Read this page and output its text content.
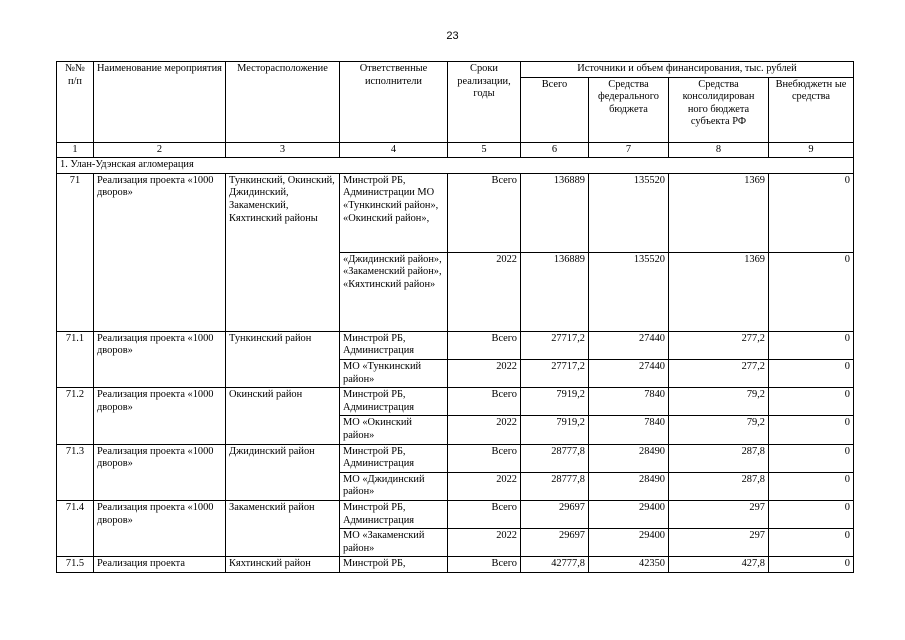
23
№№ п/п	Наименование мероприятия	Месторасположение	Ответственные исполнители	Сроки реализации, годы	Источники и объем финансирования, тыс. рублей			
					Всего	Средства федерального бюджета	Средства консолидирован ного бюджета субъекта РФ	Внебюджетн ые средства
1	2	3	4	5	6	7	8	9
1. Улан-Удэнская агломерация								
71	Реализация проекта «1000 дворов»	Тункинский, Окинский, Джидинский, Закаменский, Кяхтинский районы	Минстрой РБ, Администрации МО «Тункинский район», «Окинский район»,	Всего	136889	135520	1369	0
			«Джидинский район», «Закаменский район», «Кяхтинский район»	2022	136889	135520	1369	0
71.1	Реализация проекта «1000 дворов»	Тункинский район	Минстрой РБ, Администрация	Всего	27717,2	27440	277,2	0
			МО «Тункинский район»	2022	27717,2	27440	277,2	0
71.2	Реализация проекта «1000 дворов»	Окинский район	Минстрой РБ, Администрация	Всего	7919,2	7840	79,2	0
			МО «Окинский район»	2022	7919,2	7840	79,2	0
71.3	Реализация проекта «1000 дворов»	Джидинский район	Минстрой РБ, Администрация	Всего	28777,8	28490	287,8	0
			МО «Джидинский район»	2022	28777,8	28490	287,8	0
71.4	Реализация проекта «1000 дворов»	Закаменский район	Минстрой РБ, Администрация	Всего	29697	29400	297	0
			МО «Закаменский район»	2022	29697	29400	297	0
71.5	Реализация проекта	Кяхтинский район	Минстрой РБ,	Всего	42777,8	42350	427,8	0
